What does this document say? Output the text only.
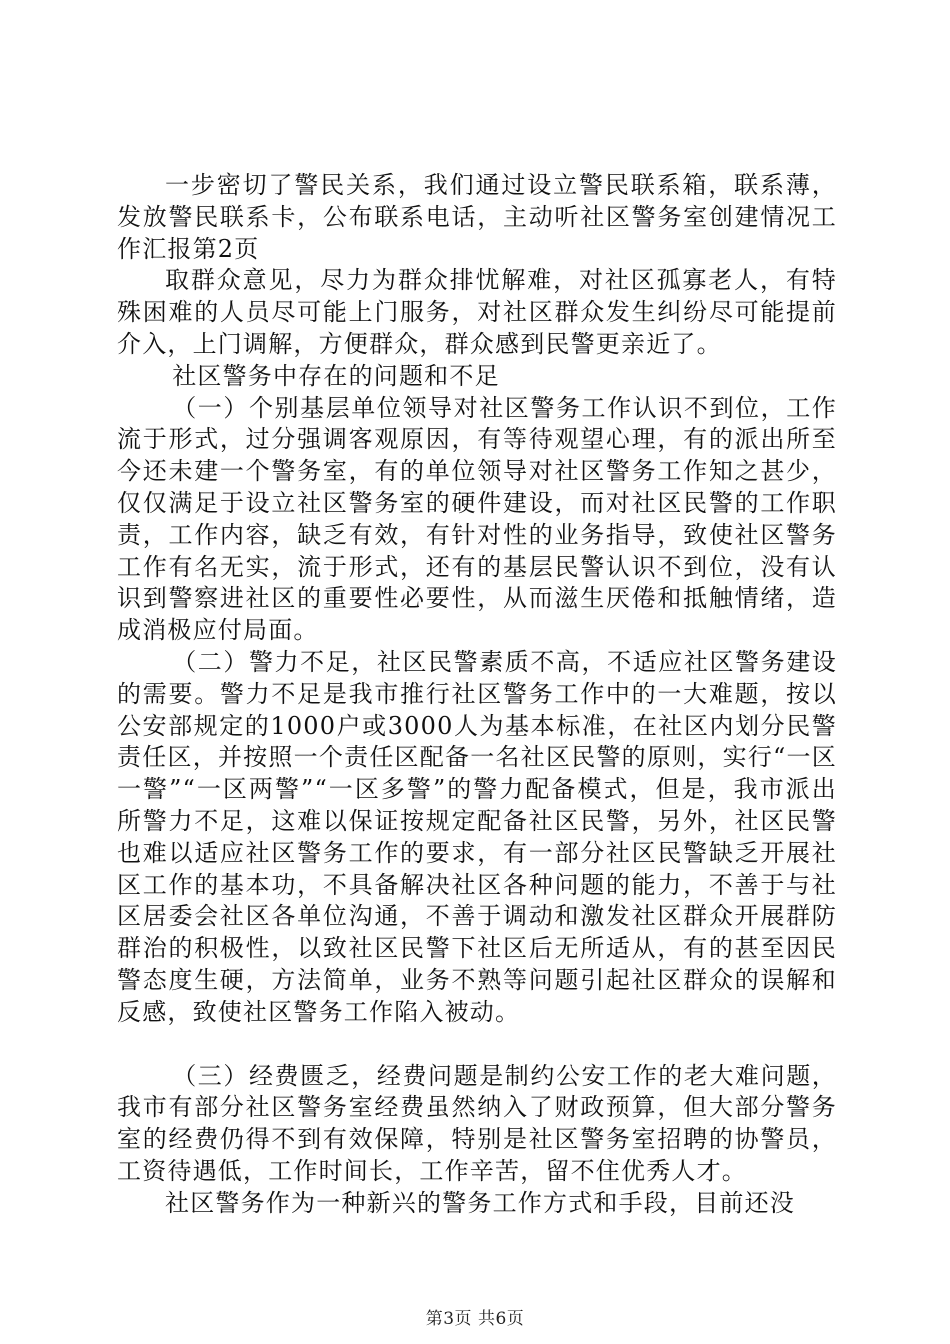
一步密切了警民关系，我们通过设立警民联系箱，联系薄，发放警民联系卡，公布联系电话，主动听社区警务室创建情况工作汇报第2页

取群众意见，尽力为群众排忧解难，对社区孤寡老人，有特殊困难的人员尽可能上门服务，对社区群众发生纠纷尽可能提前介入，上门调解，方便群众，群众感到民警更亲近了。

社区警务中存在的问题和不足

（一）个别基层单位领导对社区警务工作认识不到位，工作流于形式，过分强调客观原因，有等待观望心理，有的派出所至今还未建一个警务室，有的单位领导对社区警务工作知之甚少，仅仅满足于设立社区警务室的硬件建设，而对社区民警的工作职责，工作内容，缺乏有效，有针对性的业务指导，致使社区警务工作有名无实，流于形式，还有的基层民警认识不到位，没有认识到警察进社区的重要性必要性，从而滋生厌倦和抵触情绪，造成消极应付局面。

（二）警力不足，社区民警素质不高，不适应社区警务建设的需要。警力不足是我市推行社区警务工作中的一大难题，按以公安部规定的1000户或3000人为基本标准，在社区内划分民警责任区，并按照一个责任区配备一名社区民警的原则，实行“一区一警”“一区两警”“一区多警”的警力配备模式，但是，我市派出所警力不足，这难以保证按规定配备社区民警，另外，社区民警也难以适应社区警务工作的要求，有一部分社区民警缺乏开展社区工作的基本功，不具备解决社区各种问题的能力，不善于与社区居委会社区各单位沟通，不善于调动和激发社区群众开展群防群治的积极性，以致社区民警下社区后无所适从，有的甚至因民警态度生硬，方法简单，业务不熟等问题引起社区群众的误解和反感，致使社区警务工作陷入被动。

（三）经费匮乏，经费问题是制约公安工作的老大难问题，我市有部分社区警务室经费虽然纳入了财政预算，但大部分警务室的经费仍得不到有效保障，特别是社区警务室招聘的协警员，工资待遇低，工作时间长，工作辛苦，留不住优秀人才。

社区警务作为一种新兴的警务工作方式和手段，目前还没

第3页 共6页
